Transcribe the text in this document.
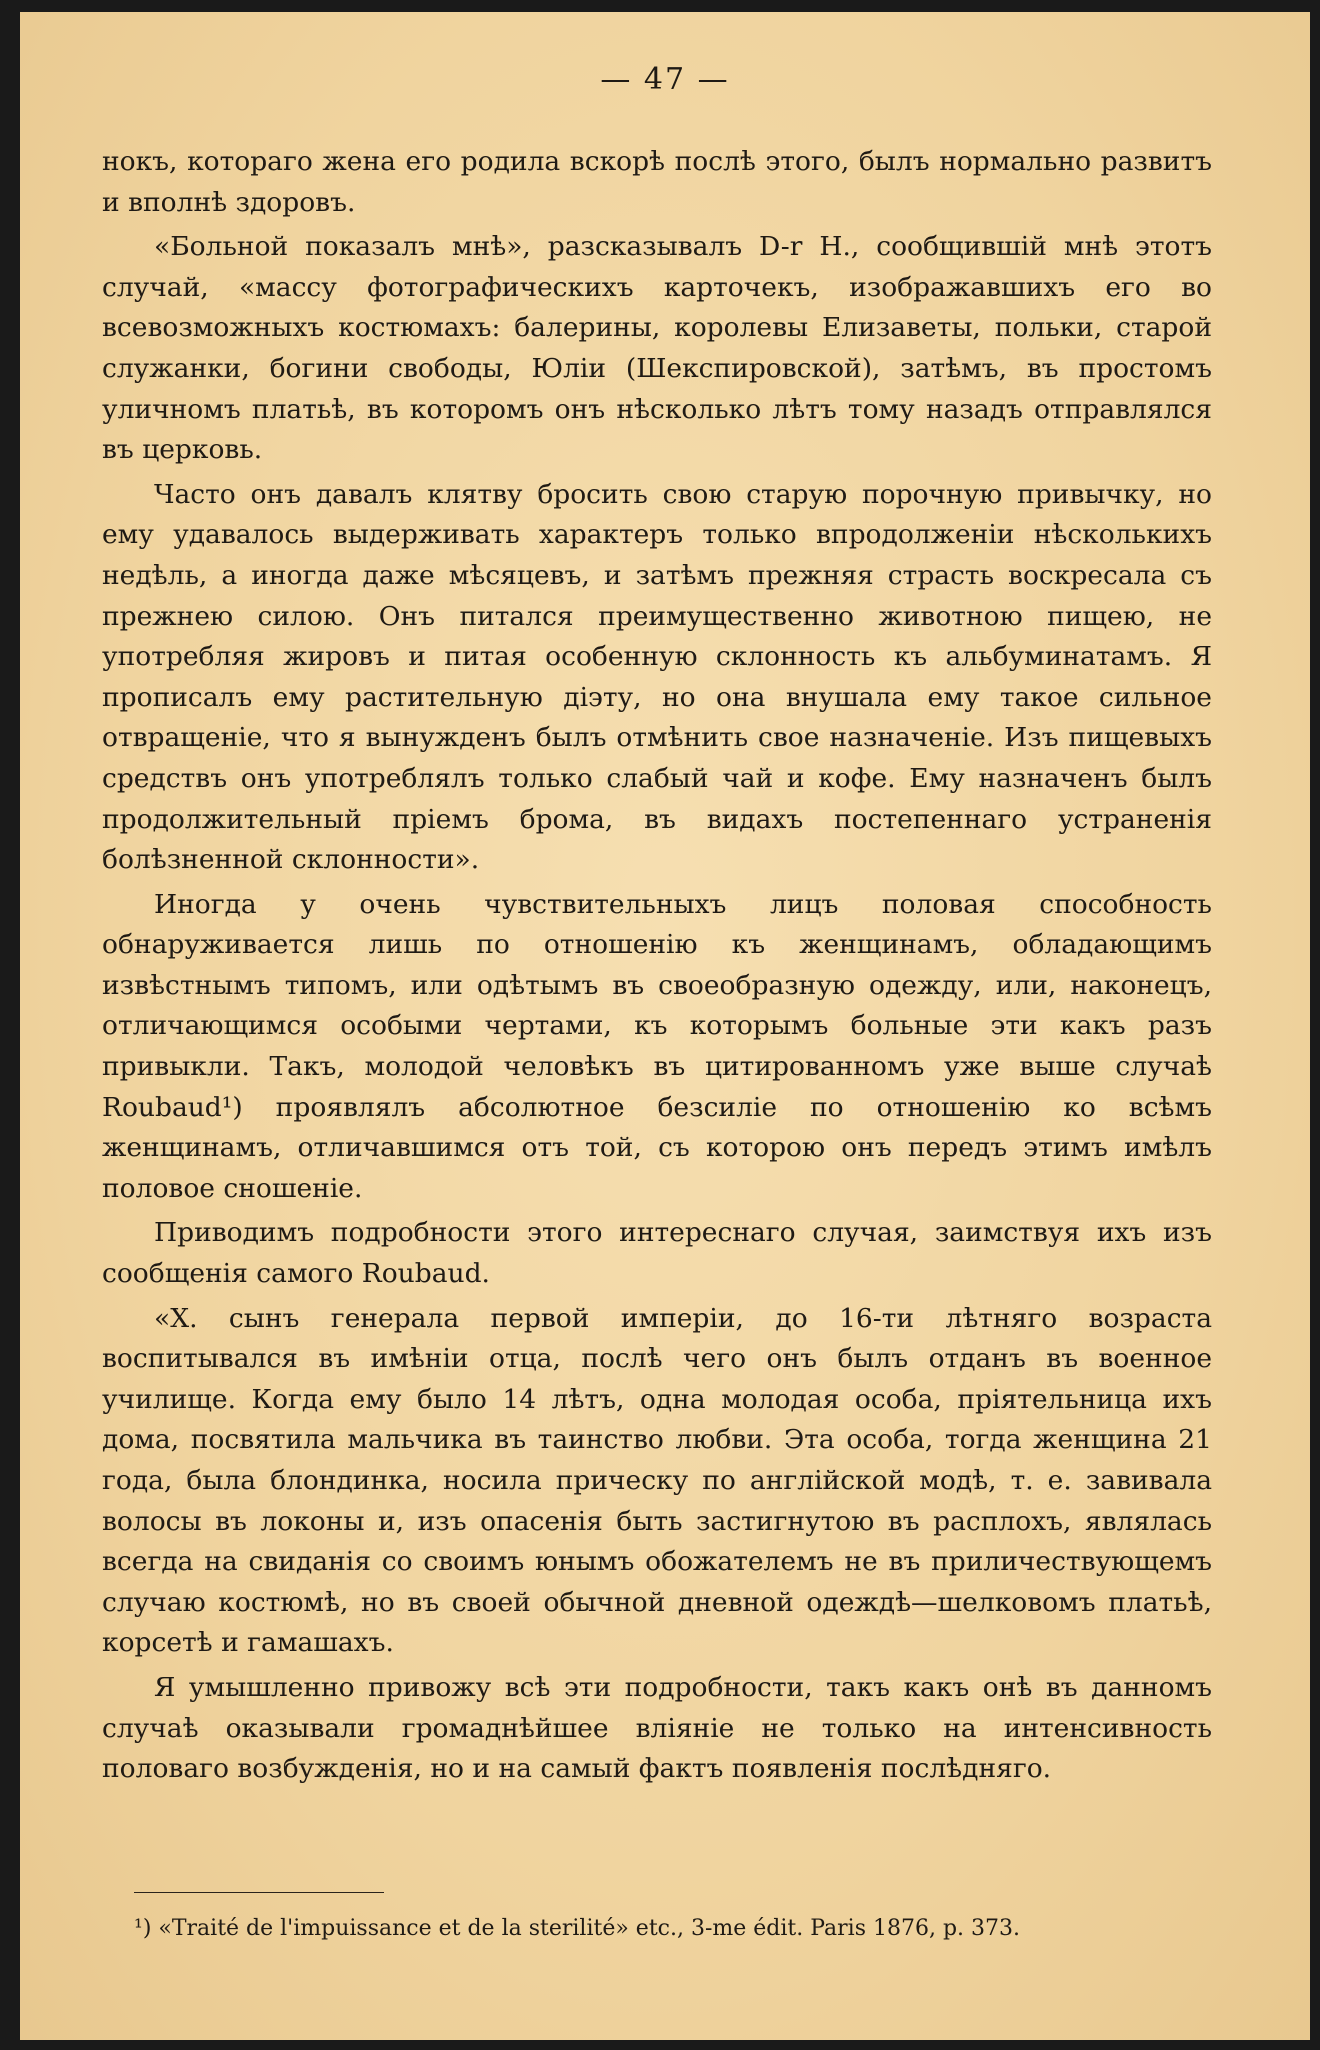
— 47 —

нокъ, котораго жена его родила вскорѣ послѣ этого, былъ нормально развитъ и вполнѣ здоровъ.

«Больной показалъ мнѣ», разсказывалъ D-r Н., сообщившій мнѣ этотъ случай, «массу фотографическихъ карточекъ, изображавшихъ его во всевозможныхъ костюмахъ: балерины, королевы Елизаветы, польки, старой служанки, богини свободы, Юліи (Шекспировской), затѣмъ, въ простомъ уличномъ платьѣ, въ которомъ онъ нѣсколько лѣтъ тому назадъ отправлялся въ церковь.

Часто онъ давалъ клятву бросить свою старую порочную привычку, но ему удавалось выдерживать характеръ только впродолженіи нѣсколькихъ недѣль, а иногда даже мѣсяцевъ, и затѣмъ прежняя страсть воскресала съ прежнею силою. Онъ питался преимущественно животною пищею, не употребляя жировъ и питая особенную склонность къ альбуминатамъ. Я прописалъ ему растительную діэту, но она внушала ему такое сильное отвращеніе, что я вынужденъ былъ отмѣнить свое назначеніе. Изъ пищевыхъ средствъ онъ употреблялъ только слабый чай и кофе. Ему назначенъ былъ продолжительный пріемъ брома, въ видахъ постепеннаго устраненія болѣзненной склонности».

Иногда у очень чувствительныхъ лицъ половая способность обнаруживается лишь по отношенію къ женщинамъ, обладающимъ извѣстнымъ типомъ, или одѣтымъ въ своеобразную одежду, или, наконецъ, отличающимся особыми чертами, къ которымъ больные эти какъ разъ привыкли. Такъ, молодой человѣкъ въ цитированномъ уже выше случаѣ Roubaud¹) проявлялъ абсолютное безсиліе по отношенію ко всѣмъ женщинамъ, отличавшимся отъ той, съ которою онъ передъ этимъ имѣлъ половое сношеніе.

Приводимъ подробности этого интереснаго случая, заимствуя ихъ изъ сообщенія самого Roubaud.

«X. сынъ генерала первой имперіи, до 16-ти лѣтняго возраста воспитывался въ имѣніи отца, послѣ чего онъ былъ отданъ въ военное училище. Когда ему было 14 лѣтъ, одна молодая особа, пріятельница ихъ дома, посвятила мальчика въ таинство любви. Эта особа, тогда женщина 21 года, была блондинка, носила прическу по англійской модѣ, т. е. завивала волосы въ локоны и, изъ опасенія быть застигнутою въ расплохъ, являлась всегда на свиданія со своимъ юнымъ обожателемъ не въ приличествующемъ случаю костюмѣ, но въ своей обычной дневной одеждѣ—шелковомъ платьѣ, корсетѣ и гамашахъ.

Я умышленно привожу всѣ эти подробности, такъ какъ онѣ въ данномъ случаѣ оказывали громаднѣйшее вліяніе не только на интенсивность половаго возбужденія, но и на самый фактъ появленія послѣдняго.

¹) «Traité de l'impuissance et de la sterilité» etc., 3-me édit. Paris 1876, p. 373.
